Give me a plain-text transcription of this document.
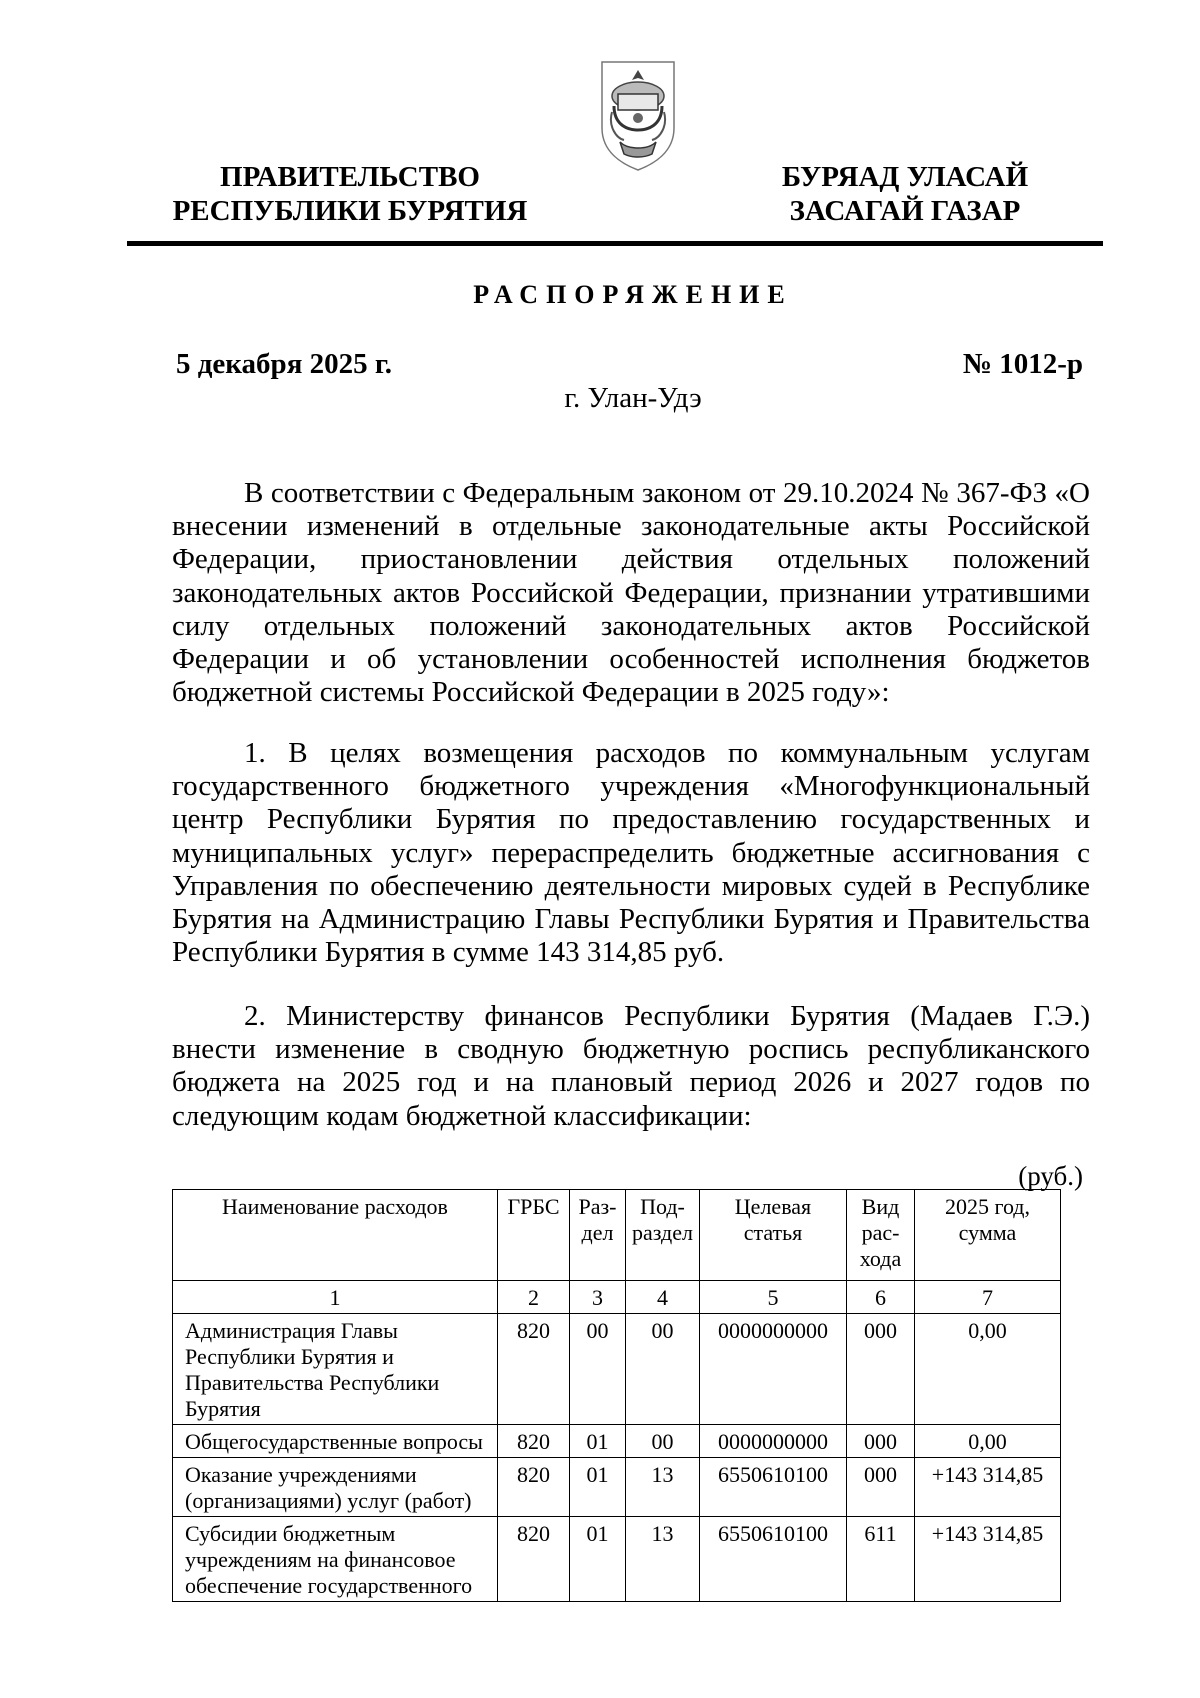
ПРАВИТЕЛЬСТВО
РЕСПУБЛИКИ БУРЯТИЯ
БУРЯАД УЛАСАЙ
ЗАСАГАЙ ГАЗАР
РАСПОРЯЖЕНИЕ
5 декабря 2025 г.	№ 1012-р
г. Улан-Удэ

В соответствии с Федеральным законом от 29.10.2024 № 367-ФЗ «О внесении изменений в отдельные законодательные акты Российской Федерации, приостановлении действия отдельных положений законодательных актов Российской Федерации, признании утратившими силу отдельных положений законодательных актов Российской Федерации и об установлении особенностей исполнения бюджетов бюджетной системы Российской Федерации в 2025 году»:

1. В целях возмещения расходов по коммунальным услугам государственного бюджетного учреждения «Многофункциональный центр Республики Бурятия по предоставлению государственных и муниципальных услуг» перераспределить бюджетные ассигнования с Управления по обеспечению деятельности мировых судей в Республике Бурятия на Администрацию Главы Республики Бурятия и Правительства Республики Бурятия в сумме 143 314,85 руб.

2. Министерству финансов Республики Бурятия (Мадаев Г.Э.) внести изменение в сводную бюджетную роспись республиканского бюджета на 2025 год и на плановый период 2026 и 2027 годов по следующим кодам бюджетной классификации:

(руб.)
Наименование расходов	ГРБС	Раз-дел	Под-раздел	Целевая статья	Вид рас-хода	2025 год, сумма
1	2	3	4	5	6	7
Администрация Главы Республики Бурятия и Правительства Республики Бурятия	820	00	00	0000000000	000	0,00
Общегосударственные вопросы	820	01	00	0000000000	000	0,00
Оказание учреждениями (организациями) услуг (работ)	820	01	13	6550610100	000	+143 314,85
Субсидии бюджетным учреждениям на финансовое обеспечение государственного	820	01	13	6550610100	611	+143 314,85
